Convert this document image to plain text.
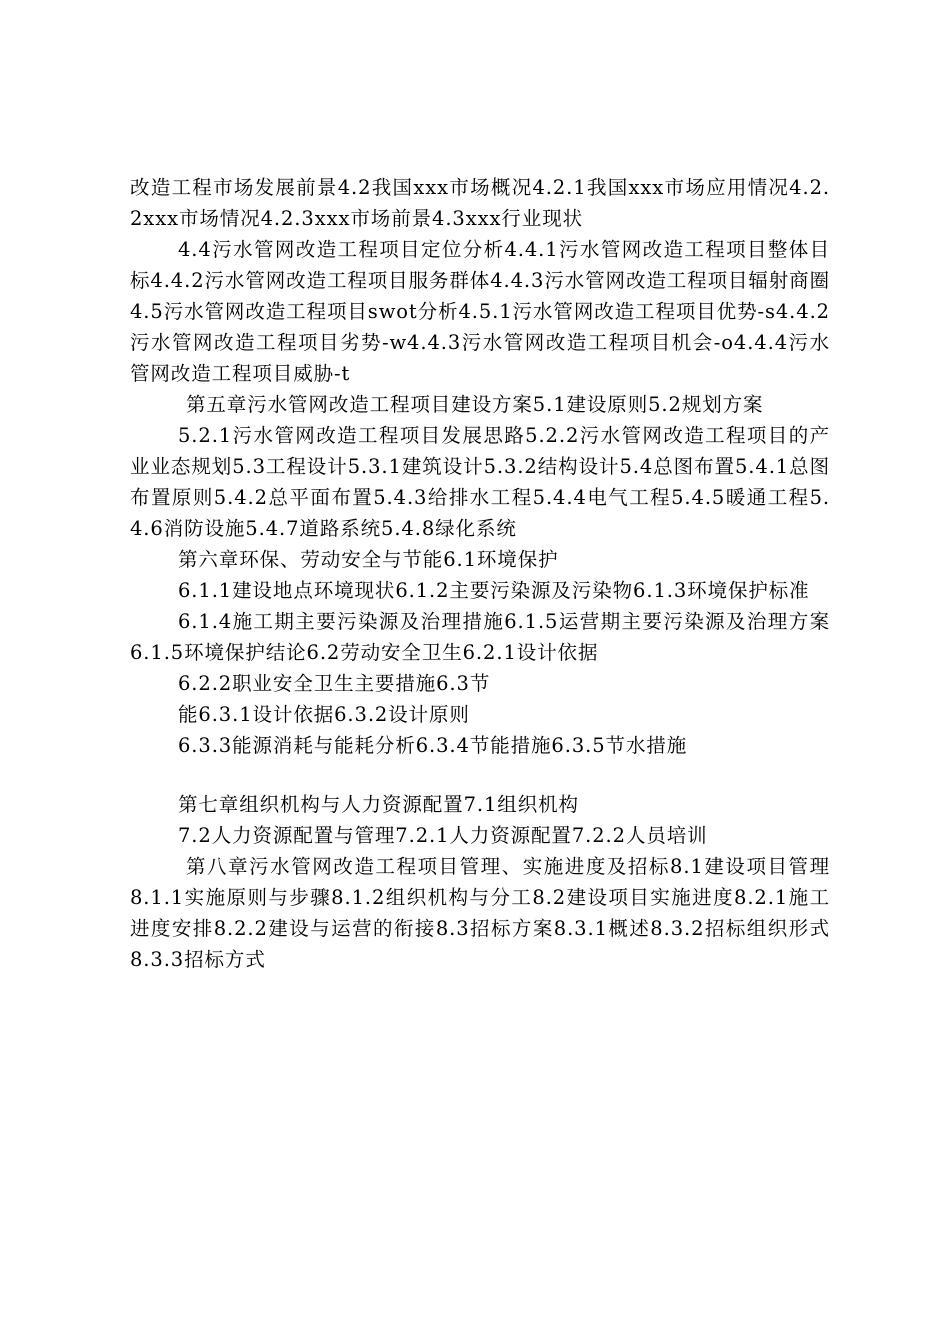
改造工程市场发展前景4.2我国xxx市场概况4.2.1我国xxx市场应用情况4.2.2xxx市场情况4.2.3xxx市场前景4.3xxx行业现状

4.4污水管网改造工程项目定位分析4.4.1污水管网改造工程项目整体目标4.4.2污水管网改造工程项目服务群体4.4.3污水管网改造工程项目辐射商圈4.5污水管网改造工程项目swot分析4.5.1污水管网改造工程项目优势-s4.4.2污水管网改造工程项目劣势-w4.4.3污水管网改造工程项目机会-o4.4.4污水管网改造工程项目威胁-t

第五章污水管网改造工程项目建设方案5.1建设原则5.2规划方案

5.2.1污水管网改造工程项目发展思路5.2.2污水管网改造工程项目的产业业态规划5.3工程设计5.3.1建筑设计5.3.2结构设计5.4总图布置5.4.1总图布置原则5.4.2总平面布置5.4.3给排水工程5.4.4电气工程5.4.5暖通工程5.4.6消防设施5.4.7道路系统5.4.8绿化系统

第六章环保、劳动安全与节能6.1环境保护

6.1.1建设地点环境现状6.1.2主要污染源及污染物6.1.3环境保护标准

6.1.4施工期主要污染源及治理措施6.1.5运营期主要污染源及治理方案6.1.5环境保护结论6.2劳动安全卫生6.2.1设计依据

6.2.2职业安全卫生主要措施6.3节

能6.3.1设计依据6.3.2设计原则

6.3.3能源消耗与能耗分析6.3.4节能措施6.3.5节水措施

第七章组织机构与人力资源配置7.1组织机构

7.2人力资源配置与管理7.2.1人力资源配置7.2.2人员培训

第八章污水管网改造工程项目管理、实施进度及招标8.1建设项目管理8.1.1实施原则与步骤8.1.2组织机构与分工8.2建设项目实施进度8.2.1施工进度安排8.2.2建设与运营的衔接8.3招标方案8.3.1概述8.3.2招标组织形式8.3.3招标方式
